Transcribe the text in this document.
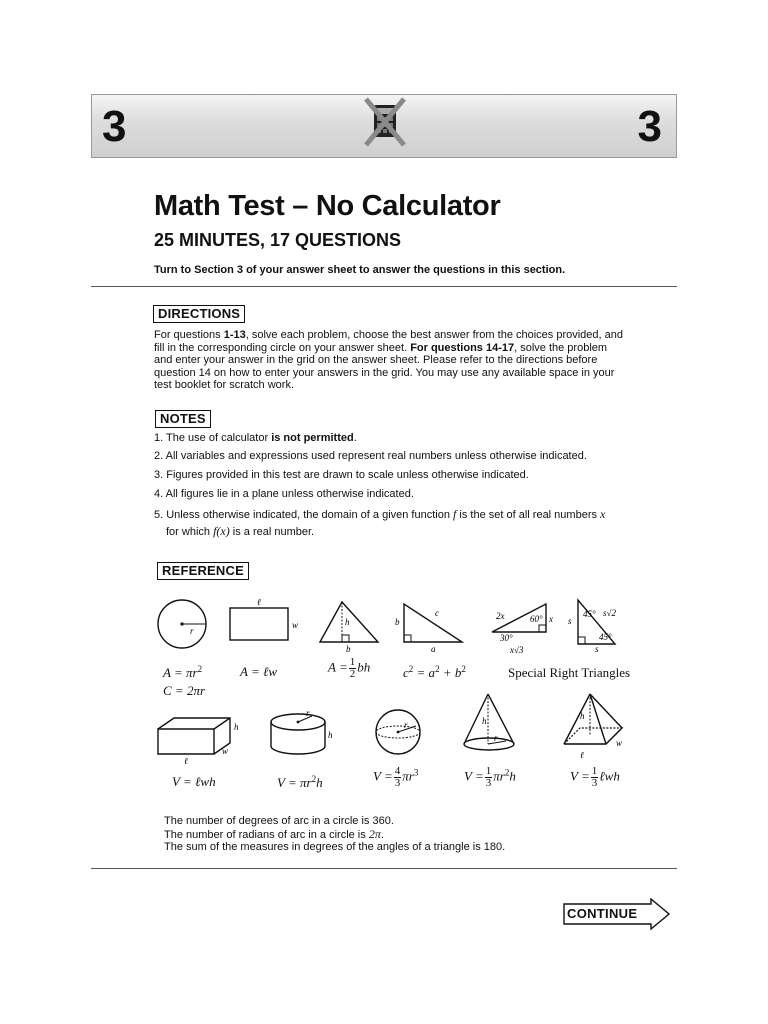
3	3
Math Test – No Calculator
25 MINUTES, 17 QUESTIONS
Turn to Section 3 of your answer sheet to answer the questions in this section.
DIRECTIONS
For questions 1-13, solve each problem, choose the best answer from the choices provided, and fill in the corresponding circle on your answer sheet. For questions 14-17, solve the problem and enter your answer in the grid on the answer sheet. Please refer to the directions before question 14 on how to enter your answers in the grid. You may use any available space in your test booklet for scratch work.
NOTES
1. The use of calculator is not permitted.
2. All variables and expressions used represent real numbers unless otherwise indicated.
3. Figures provided in this test are drawn to scale unless otherwise indicated.
4. All figures lie in a plane unless otherwise indicated.
5. Unless otherwise indicated, the domain of a given function f is the set of all real numbers x
for which f(x) is a real number.
REFERENCE
r
ℓ
w	h
b
b
c
a
2x	60°
30°
x
x√3
s
45° s√2
45°
s
h
w
ℓ
r
h
r	h
r
h
w
ℓ
$A = \pi r^2$
C = 2πr
A = ℓw	$A = \frac{1}{2}$ bh	$c^2 = a^2 + b^2$	Special Right Triangles
V = ℓwh	$V = \pi r^2h$	$V = \frac{4}{3} \pi r^3$	$V = \frac{1}{3} \pi r^2h$	$V = \frac{1}{3}$ ℓwh
The number of degrees of arc in a circle is 360.
The number of radians of arc in a circle is 2π.
The sum of the measures in degrees of the angles of a triangle is 180.
CONTINUE
